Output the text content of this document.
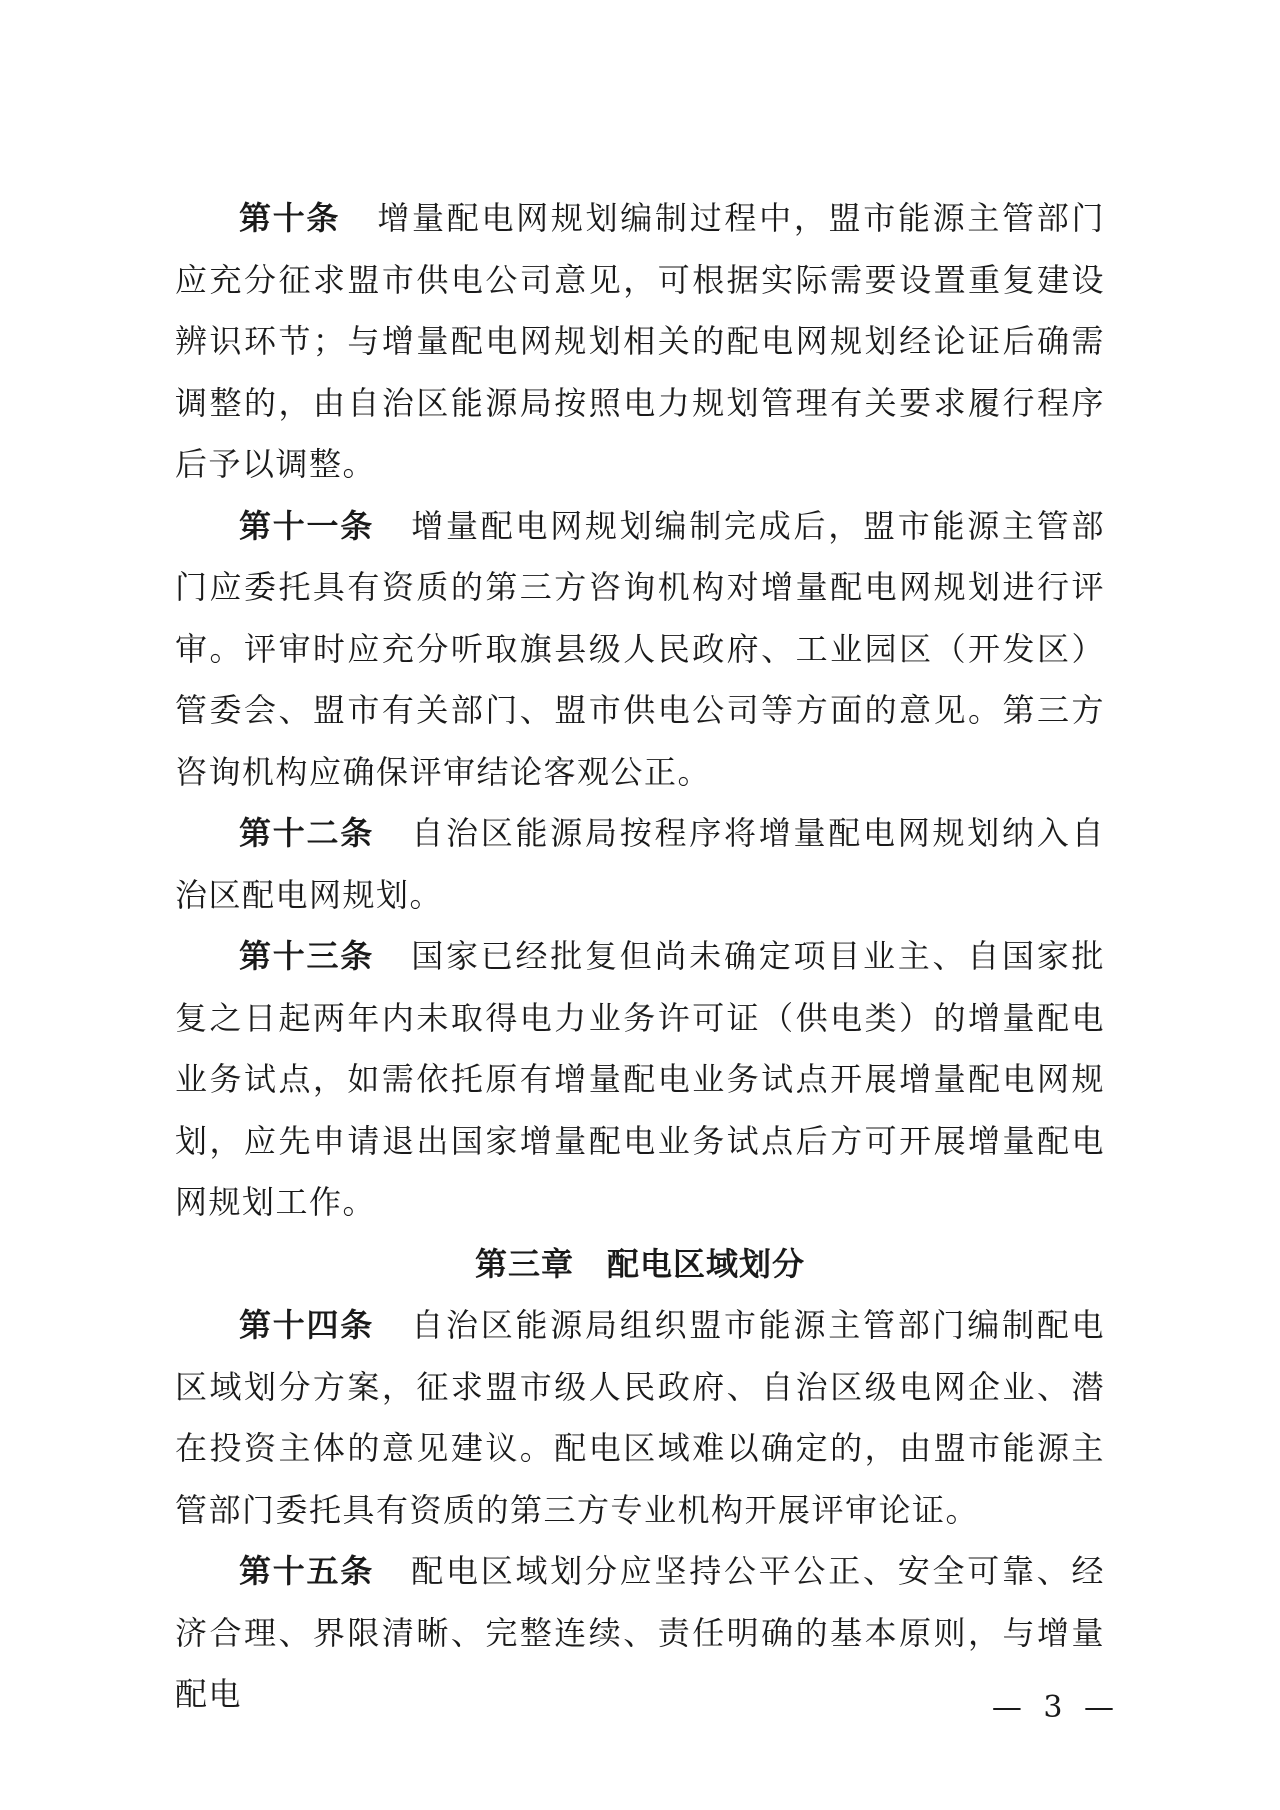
第十条 增量配电网规划编制过程中，盟市能源主管部门应充分征求盟市供电公司意见，可根据实际需要设置重复建设辨识环节；与增量配电网规划相关的配电网规划经论证后确需调整的，由自治区能源局按照电力规划管理有关要求履行程序后予以调整。

第十一条 增量配电网规划编制完成后，盟市能源主管部门应委托具有资质的第三方咨询机构对增量配电网规划进行评审。评审时应充分听取旗县级人民政府、工业园区（开发区）管委会、盟市有关部门、盟市供电公司等方面的意见。第三方咨询机构应确保评审结论客观公正。

第十二条 自治区能源局按程序将增量配电网规划纳入自治区配电网规划。

第十三条 国家已经批复但尚未确定项目业主、自国家批复之日起两年内未取得电力业务许可证（供电类）的增量配电业务试点，如需依托原有增量配电业务试点开展增量配电网规划，应先申请退出国家增量配电业务试点后方可开展增量配电网规划工作。

第三章　配电区域划分

第十四条 自治区能源局组织盟市能源主管部门编制配电区域划分方案，征求盟市级人民政府、自治区级电网企业、潜在投资主体的意见建议。配电区域难以确定的，由盟市能源主管部门委托具有资质的第三方专业机构开展评审论证。

第十五条 配电区域划分应坚持公平公正、安全可靠、经济合理、界限清晰、完整连续、责任明确的基本原则，与增量配电	— 3 —
